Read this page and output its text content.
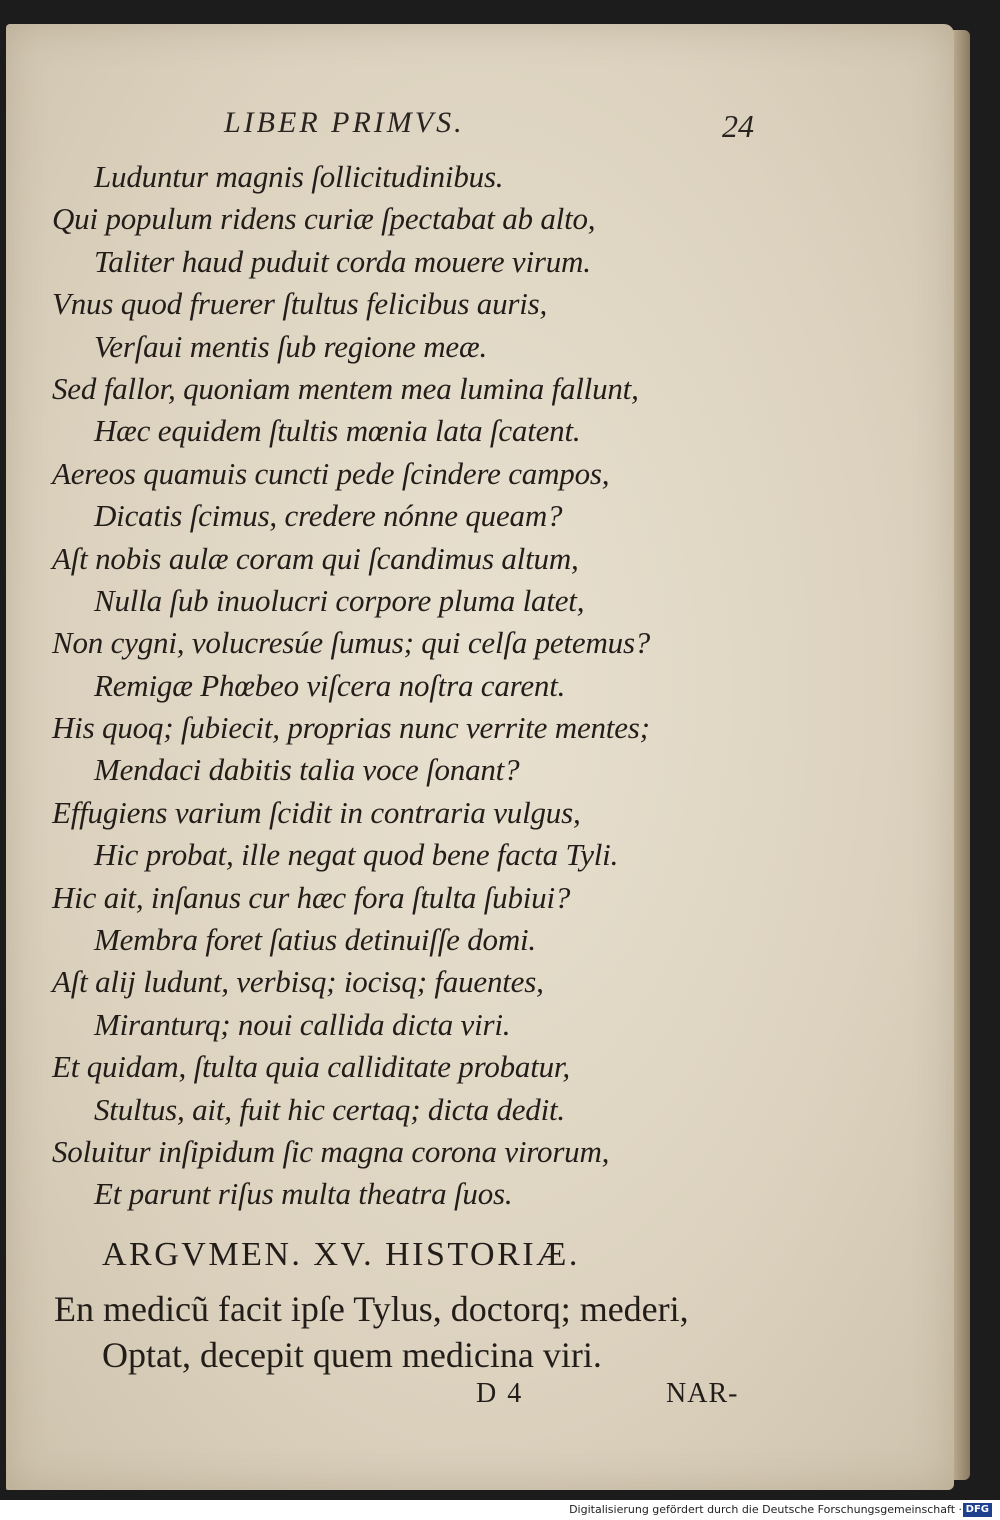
LIBER PRIMVS.	24
Luduntur magnis ſollicitudinibus.
Qui populum ridens curiæ ſpectabat ab alto,
Taliter haud puduit corda mouere virum.
Vnus quod fruerer ſtultus felicibus auris,
Verſaui mentis ſub regione meæ.
Sed fallor, quoniam mentem mea lumina fallunt,
Hæc equidem ſtultis mœnia lata ſcatent.
Aereos quamuis cuncti pede ſcindere campos,
Dicatis ſcimus, credere nónne queam?
Aſt nobis aulæ coram qui ſcandimus altum,
Nulla ſub inuolucri corpore pluma latet,
Non cygni, volucresúe ſumus; qui celſa petemus?
Remigæ Phœbeo viſcera noſtra carent.
His quoq; ſubiecit, proprias nunc verrite mentes;
Mendaci dabitis talia voce ſonant?
Effugiens varium ſcidit in contraria vulgus,
Hic probat, ille negat quod bene facta Tyli.
Hic ait, inſanus cur hæc fora ſtulta ſubiui?
Membra foret ſatius detinuiſſe domi.
Aſt alij ludunt, verbisq; iocisq; fauentes,
Miranturq; noui callida dicta viri.
Et quidam, ſtulta quia calliditate probatur,
Stultus, ait, fuit hic certaq; dicta dedit.
Soluitur inſipidum ſic magna corona virorum,
Et parunt riſus multa theatra ſuos.
ARGVMEN. XV. HISTORIÆ.
En medicũ facit ipſe Tylus, doctorq; mederi,
Optat, decepit quem medicina viri.
D 4	NAR-
Digitalisierung gefördert durch die Deutsche Forschungsgemeinschaft · DFG
